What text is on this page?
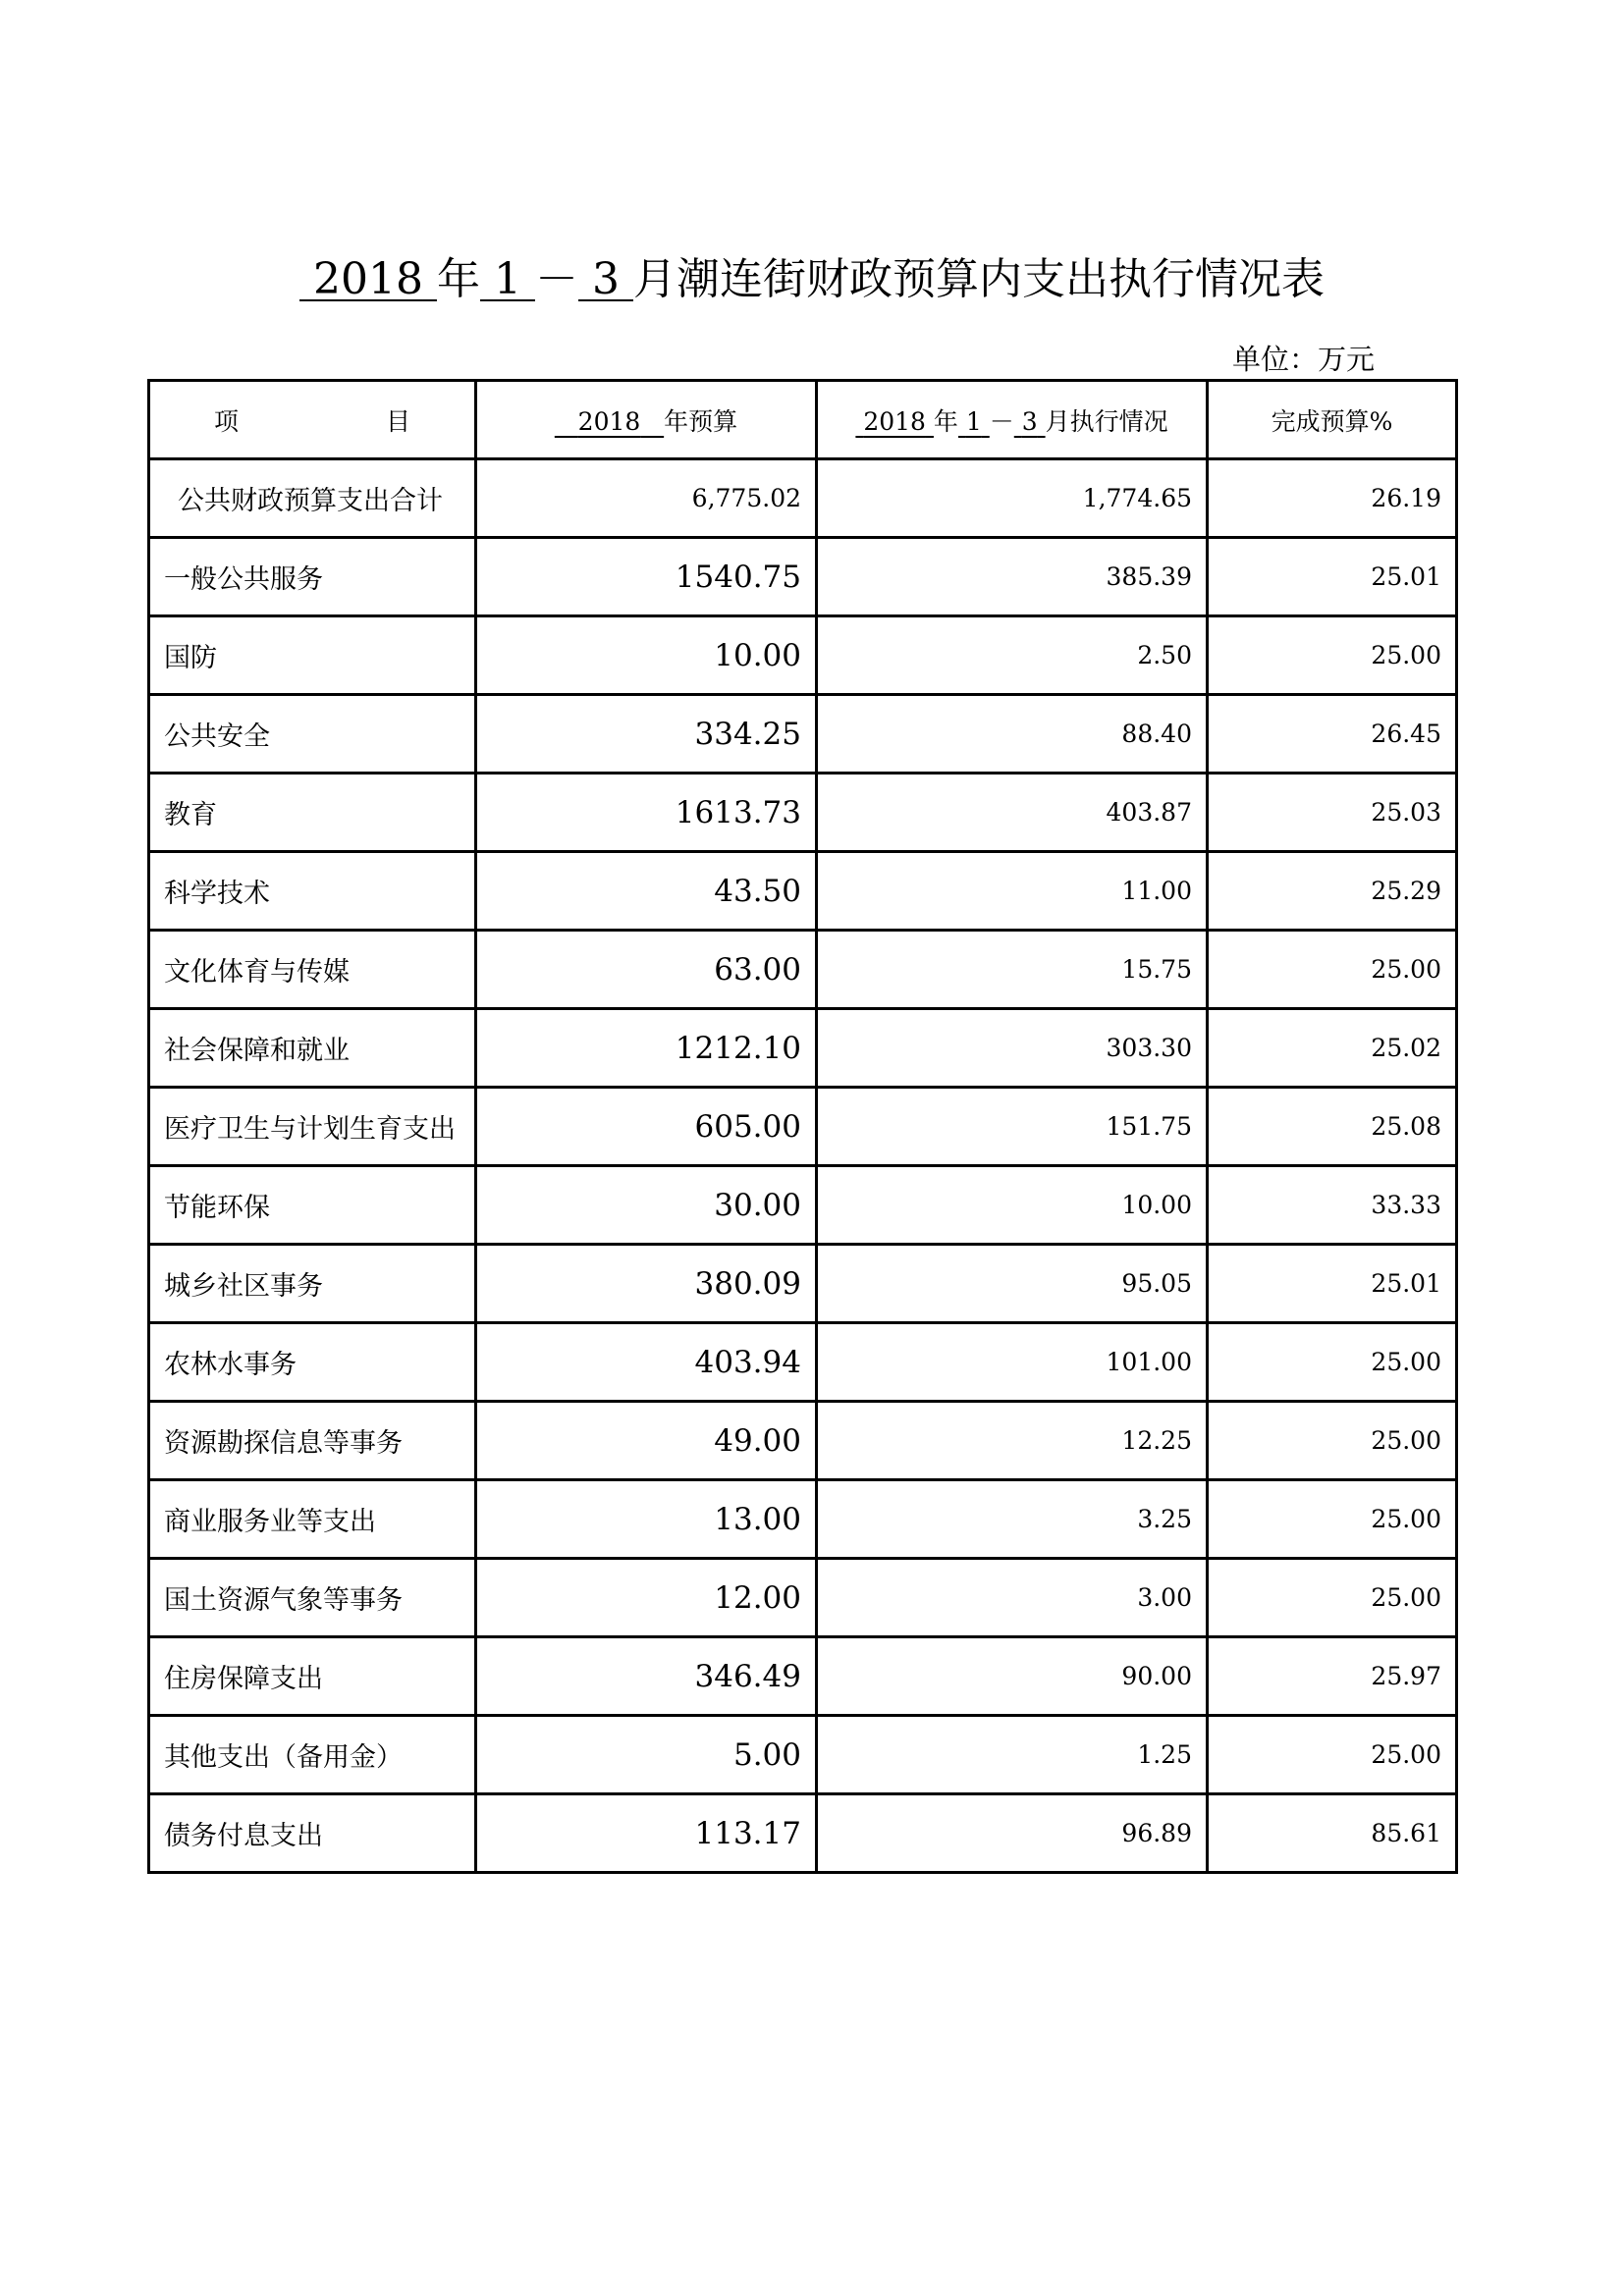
2018 年 1 － 3 月潮连街财政预算内支出执行情况表
单位：万元
项 目	2018 年预算	2018 年 1 － 3 月执行情况	完成预算%
公共财政预算支出合计	6,775.02	1,774.65	26.19
一般公共服务	1540.75	385.39	25.01
国防	10.00	2.50	25.00
公共安全	334.25	88.40	26.45
教育	1613.73	403.87	25.03
科学技术	43.50	11.00	25.29
文化体育与传媒	63.00	15.75	25.00
社会保障和就业	1212.10	303.30	25.02
医疗卫生与计划生育支出	605.00	151.75	25.08
节能环保	30.00	10.00	33.33
城乡社区事务	380.09	95.05	25.01
农林水事务	403.94	101.00	25.00
资源勘探信息等事务	49.00	12.25	25.00
商业服务业等支出	13.00	3.25	25.00
国土资源气象等事务	12.00	3.00	25.00
住房保障支出	346.49	90.00	25.97
其他支出（备用金）	5.00	1.25	25.00
债务付息支出	113.17	96.89	85.61
